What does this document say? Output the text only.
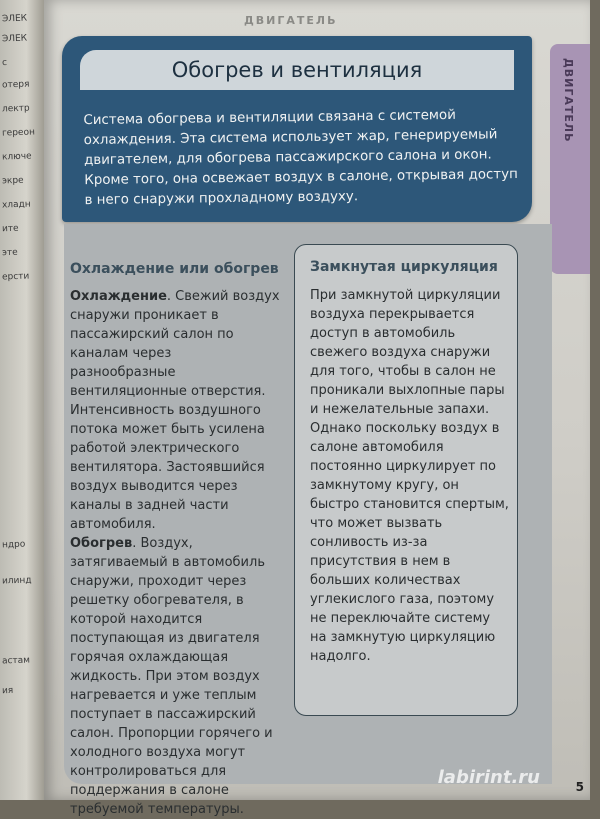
ЭЛЕК
ЭЛЕК
с
отеря
лектр
гереон
ключе
экре
хладн
ите
эте
ерсти
ндро
илинд
астам
ия
ДВИГАТЕЛЬ
ДВИГАТЕЛЬ
Обогрев и вентиляция
Система обогрева и вентиляции связана с системой охлаждения. Эта система использует жар, генерируемый двигателем, для обогрева пассажирского салона и окон. Кроме того, она освежает воздух в салоне, открывая доступ в него снаружи прохладному воздуху.
Охлаждение или обогрев

Охлаждение. Свежий воздух снаружи проникает в пассажирский салон по каналам через разнообразные вентиляционные отверстия. Интенсивность воздушного потока может быть усилена работой электрического вентилятора. Застоявшийся воздух выводится через каналы в задней части автомобиля.

Обогрев. Воздух, затягиваемый в автомобиль снаружи, проходит через решетку обогревателя, в которой находится поступающая из двигателя горячая охлаждающая жидкость. При этом воздух нагревается и уже теплым поступает в пассажирский салон. Пропорции горячего и холодного воздуха могут контролироваться для поддержания в салоне требуемой температуры.

Замкнутая циркуляция

При замкнутой циркуляции воздуха перекрывается доступ в автомобиль свежего воздуха снаружи для того, чтобы в салон не проникали выхлопные пары и нежелательные запахи. Однако поскольку воздух в салоне автомобиля постоянно циркулирует по замкнутому кругу, он быстро становится спертым, что может вызвать сонливость из-за присутствия в нем в больших количествах углекислого газа, поэтому не переключайте систему на замкнутую циркуляцию надолго.

labirint.ru	5
